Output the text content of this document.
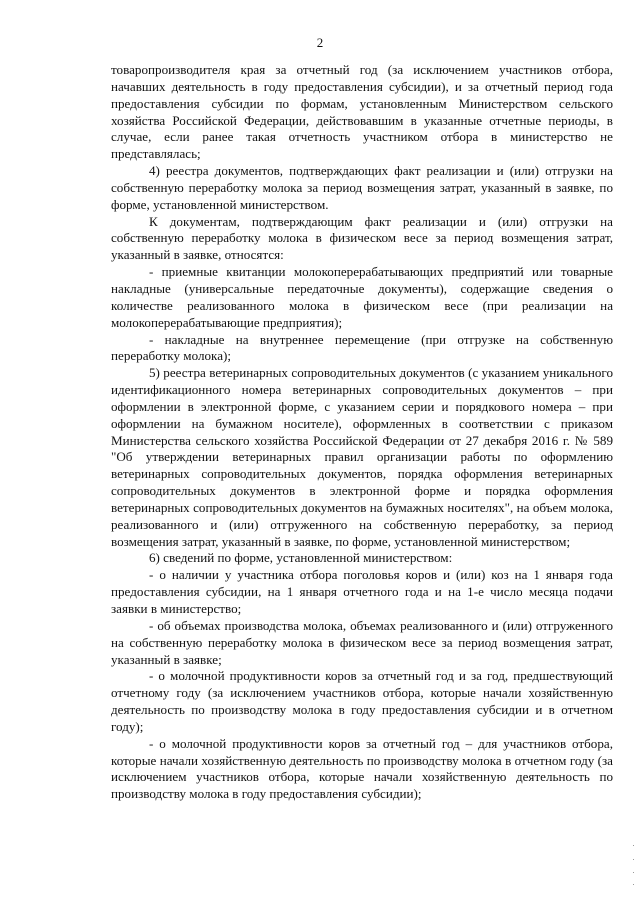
2

товаропроизводителя края за отчетный год (за исключением участников отбора, начавших деятельность в году предоставления субсидии), и за отчетный период года предоставления субсидии по формам, установленным Министерством сельского хозяйства Российской Федерации, действовавшим в указанные отчетные периоды, в случае, если ранее такая отчетность участником отбора в министерство не представлялась;

4) реестра документов, подтверждающих факт реализации и (или) отгрузки на собственную переработку молока за период возмещения затрат, указанный в заявке, по форме, установленной министерством.

К документам, подтверждающим факт реализации и (или) отгрузки на собственную переработку молока в физическом весе за период возмещения затрат, указанный в заявке, относятся:

- приемные квитанции молокоперерабатывающих предприятий или товарные накладные (универсальные передаточные документы), содержащие сведения о количестве реализованного молока в физическом весе (при реализации на молокоперерабатывающие предприятия);

- накладные на внутреннее перемещение (при отгрузке на собственную переработку молока);

5) реестра ветеринарных сопроводительных документов (с указанием уникального идентификационного номера ветеринарных сопроводительных документов – при оформлении в электронной форме, с указанием серии и порядкового номера – при оформлении на бумажном носителе), оформленных в соответствии с приказом Министерства сельского хозяйства Российской Федерации от 27 декабря 2016 г. № 589 "Об утверждении ветеринарных правил организации работы по оформлению ветеринарных сопроводительных документов, порядка оформления ветеринарных сопроводительных документов в электронной форме и порядка оформления ветеринарных сопроводительных документов на бумажных носителях", на объем молока, реализованного и (или) отгруженного на собственную переработку, за период возмещения затрат, указанный в заявке, по форме, установленной министерством;

6) сведений по форме, установленной министерством:

- о наличии у участника отбора поголовья коров и (или) коз на 1 января года предоставления субсидии, на 1 января отчетного года и на 1-е число месяца подачи заявки в министерство;

- об объемах производства молока, объемах реализованного и (или) отгруженного на собственную переработку молока в физическом весе за период возмещения затрат, указанный в заявке;

- о молочной продуктивности коров за отчетный год и за год, предшествующий отчетному году (за исключением участников отбора, которые начали хозяйственную деятельность по производству молока в году предоставления субсидии и в отчетном году);

- о молочной продуктивности коров за отчетный год – для участников отбора, которые начали хозяйственную деятельность по производству молока в отчетном году (за исключением участников отбора, которые начали хозяйственную деятельность по производству молока в году предоставления субсидии);
